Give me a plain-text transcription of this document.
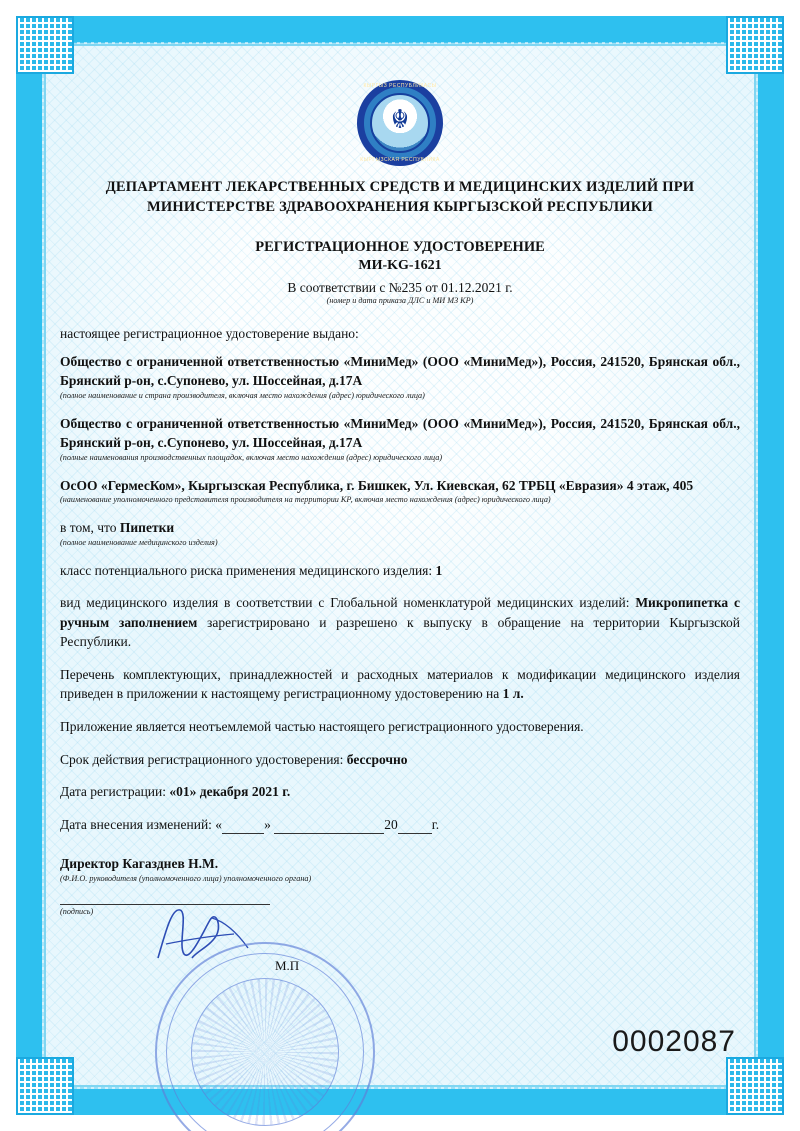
КЫРГЫЗ РЕСПУБЛИКАСЫ
КЫРГЫЗСКАЯ РЕСПУБЛИКА
☬
ДЕПАРТАМЕНТ ЛЕКАРСТВЕННЫХ СРЕДСТВ И МЕДИЦИНСКИХ ИЗДЕЛИЙ ПРИ МИНИСТЕРСТВЕ ЗДРАВООХРАНЕНИЯ КЫРГЫЗСКОЙ РЕСПУБЛИКИ
РЕГИСТРАЦИОННОЕ УДОСТОВЕРЕНИЕ
МИ-KG-1621
В соответствии с №235 от 01.12.2021 г.
(номер и дата приказа ДЛС и МИ МЗ КР)
настоящее регистрационное удостоверение выдано:
Общество с ограниченной ответственностью «МиниМед» (ООО «МиниМед»), Россия, 241520, Брянская обл., Брянский р-он, с.Супонево, ул. Шоссейная, д.17А
(полное наименование и страна производителя, включая место нахождения (адрес) юридического лица)
Общество с ограниченной ответственностью «МиниМед» (ООО «МиниМед»), Россия, 241520, Брянская обл., Брянский р-он, с.Супонево, ул. Шоссейная, д.17А
(полные наименования производственных площадок, включая место нахождения (адрес) юридического лица)
ОсОО «ГермесКом», Кыргызская Республика, г. Бишкек, Ул. Киевская, 62 ТРБЦ «Евразия» 4 этаж, 405
(наименование уполномоченного представителя производителя на территории КР, включая место нахождения (адрес) юридического лица)
в том, что Пипетки
(полное наименование медицинского изделия)
класс потенциального риска применения медицинского изделия: 1
вид медицинского изделия в соответствии с Глобальной номенклатурой медицинских изделий: Микропипетка с ручным заполнением зарегистрировано и разрешено к выпуску в обращение на территории Кыргызской Республики.
Перечень комплектующих, принадлежностей и расходных материалов к модификации медицинского изделия приведен в приложении к настоящему регистрационному удостоверению на 1 л.
Приложение является неотъемлемой частью настоящего регистрационного удостоверения.
Срок действия регистрационного удостоверения: бессрочно
Дата регистрации: «01» декабря 2021 г.
Дата внесения изменений: «	»	20	г.
Директор Кагазднев Н.М.
(Ф.И.О. руководителя (уполномоченного лица) уполномоченного органа)
(подпись)
М.П
0002087
